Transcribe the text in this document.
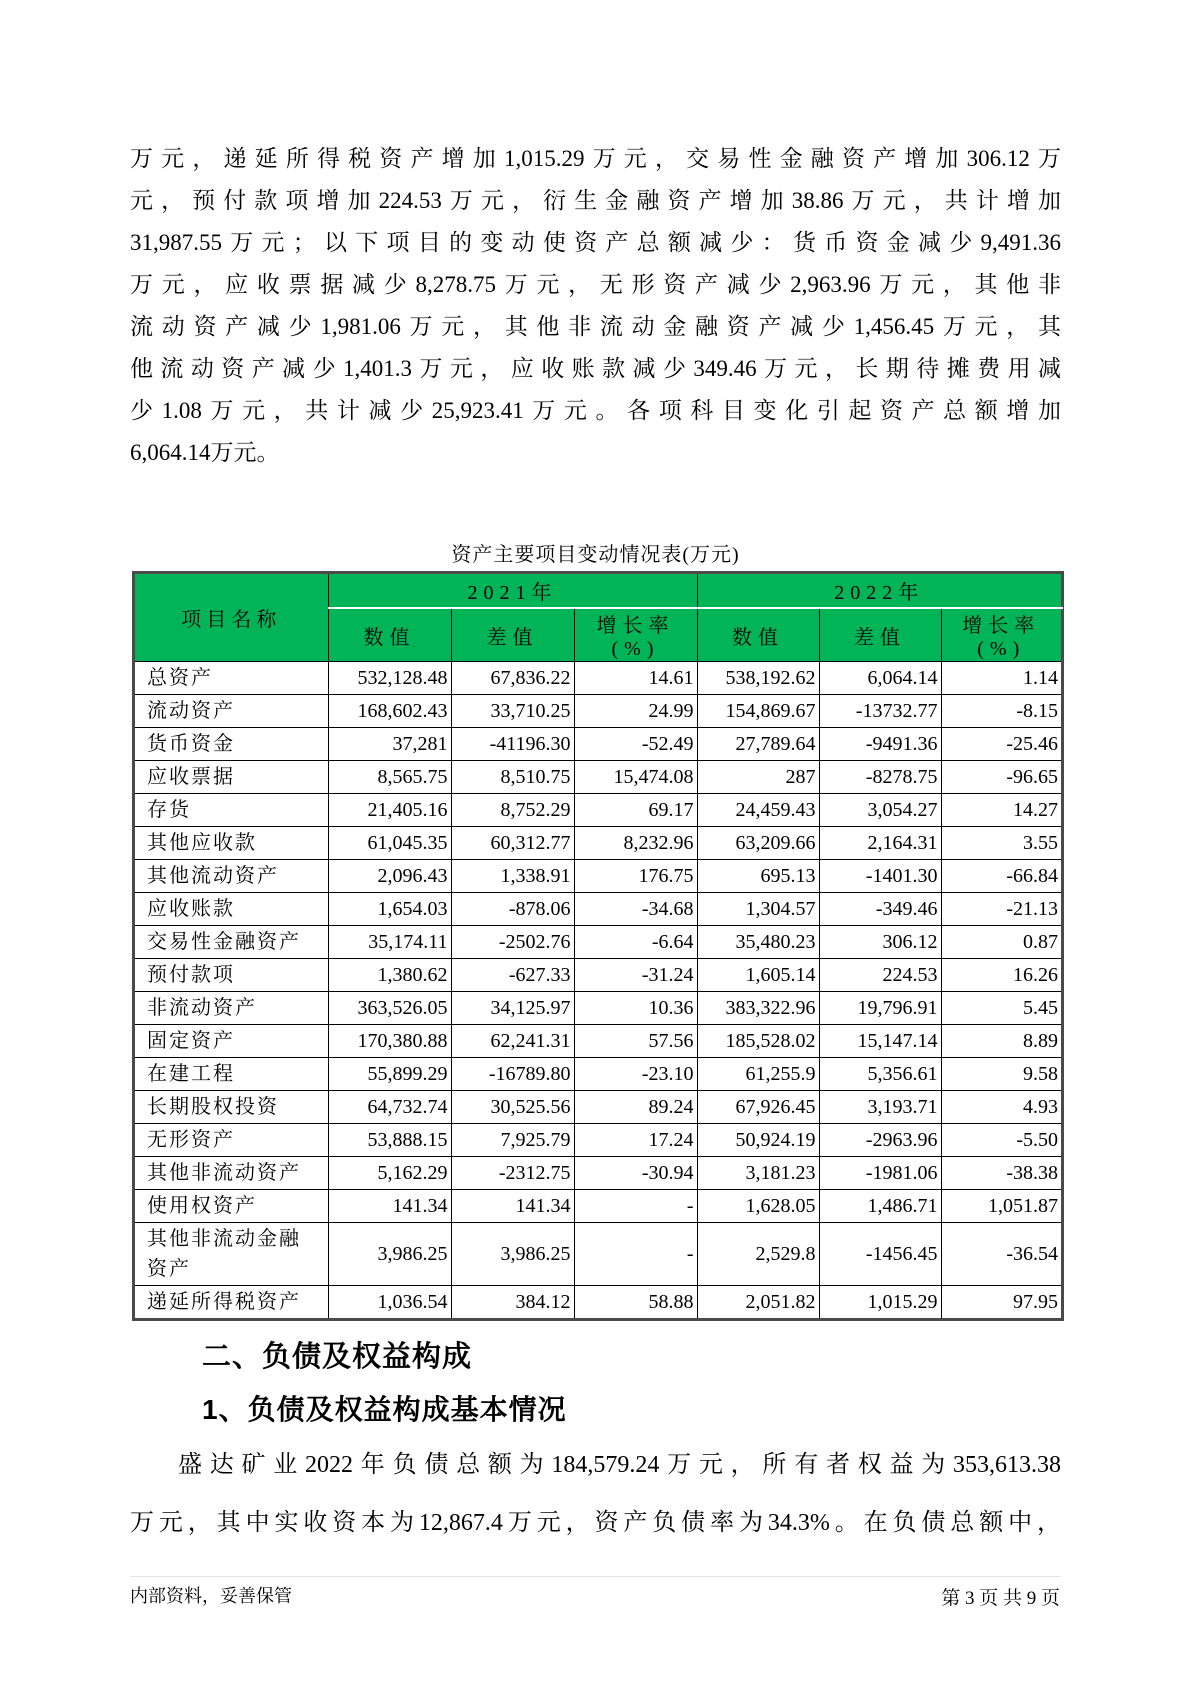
万元，递延所得税资产增加1,015.29万元，交易性金融资产增加306.12万
元，预付款项增加224.53万元，衍生金融资产增加38.86万元，共计增加
31,987.55万元；以下项目的变动使资产总额减少：货币资金减少9,491.36
万元，应收票据减少8,278.75万元，无形资产减少2,963.96万元，其他非
流动资产减少1,981.06万元，其他非流动金融资产减少1,456.45万元，其
他流动资产减少1,401.3万元，应收账款减少349.46万元，长期待摊费用减
少1.08万元，共计减少25,923.41万元。各项科目变化引起资产总额增加
6,064.14万元。
资产主要项目变动情况表(万元)
项目名称	2021年			2022年		
	数值	差值	增长率(%)	数值	差值	增长率(%)
总资产	532,128.48	67,836.22	14.61	538,192.62	6,064.14	1.14
流动资产	168,602.43	33,710.25	24.99	154,869.67	-13732.77	-8.15
货币资金	37,281	-41196.30	-52.49	27,789.64	-9491.36	-25.46
应收票据	8,565.75	8,510.75	15,474.08	287	-8278.75	-96.65
存货	21,405.16	8,752.29	69.17	24,459.43	3,054.27	14.27
其他应收款	61,045.35	60,312.77	8,232.96	63,209.66	2,164.31	3.55
其他流动资产	2,096.43	1,338.91	176.75	695.13	-1401.30	-66.84
应收账款	1,654.03	-878.06	-34.68	1,304.57	-349.46	-21.13
交易性金融资产	35,174.11	-2502.76	-6.64	35,480.23	306.12	0.87
预付款项	1,380.62	-627.33	-31.24	1,605.14	224.53	16.26
非流动资产	363,526.05	34,125.97	10.36	383,322.96	19,796.91	5.45
固定资产	170,380.88	62,241.31	57.56	185,528.02	15,147.14	8.89
在建工程	55,899.29	-16789.80	-23.10	61,255.9	5,356.61	9.58
长期股权投资	64,732.74	30,525.56	89.24	67,926.45	3,193.71	4.93
无形资产	53,888.15	7,925.79	17.24	50,924.19	-2963.96	-5.50
其他非流动资产	5,162.29	-2312.75	-30.94	3,181.23	-1981.06	-38.38
使用权资产	141.34	141.34	-	1,628.05	1,486.71	1,051.87
其他非流动金融资产	3,986.25	3,986.25	-	2,529.8	-1456.45	-36.54
递延所得税资产	1,036.54	384.12	58.88	2,051.82	1,015.29	97.95
二、负债及权益构成
1、负债及权益构成基本情况
盛达矿业2022年负债总额为184,579.24万元，所有者权益为353,613.38
万元，其中实收资本为12,867.4万元，资产负债率为34.3%。在负债总额中，
内部资料，妥善保管	第 3 页 共 9 页
